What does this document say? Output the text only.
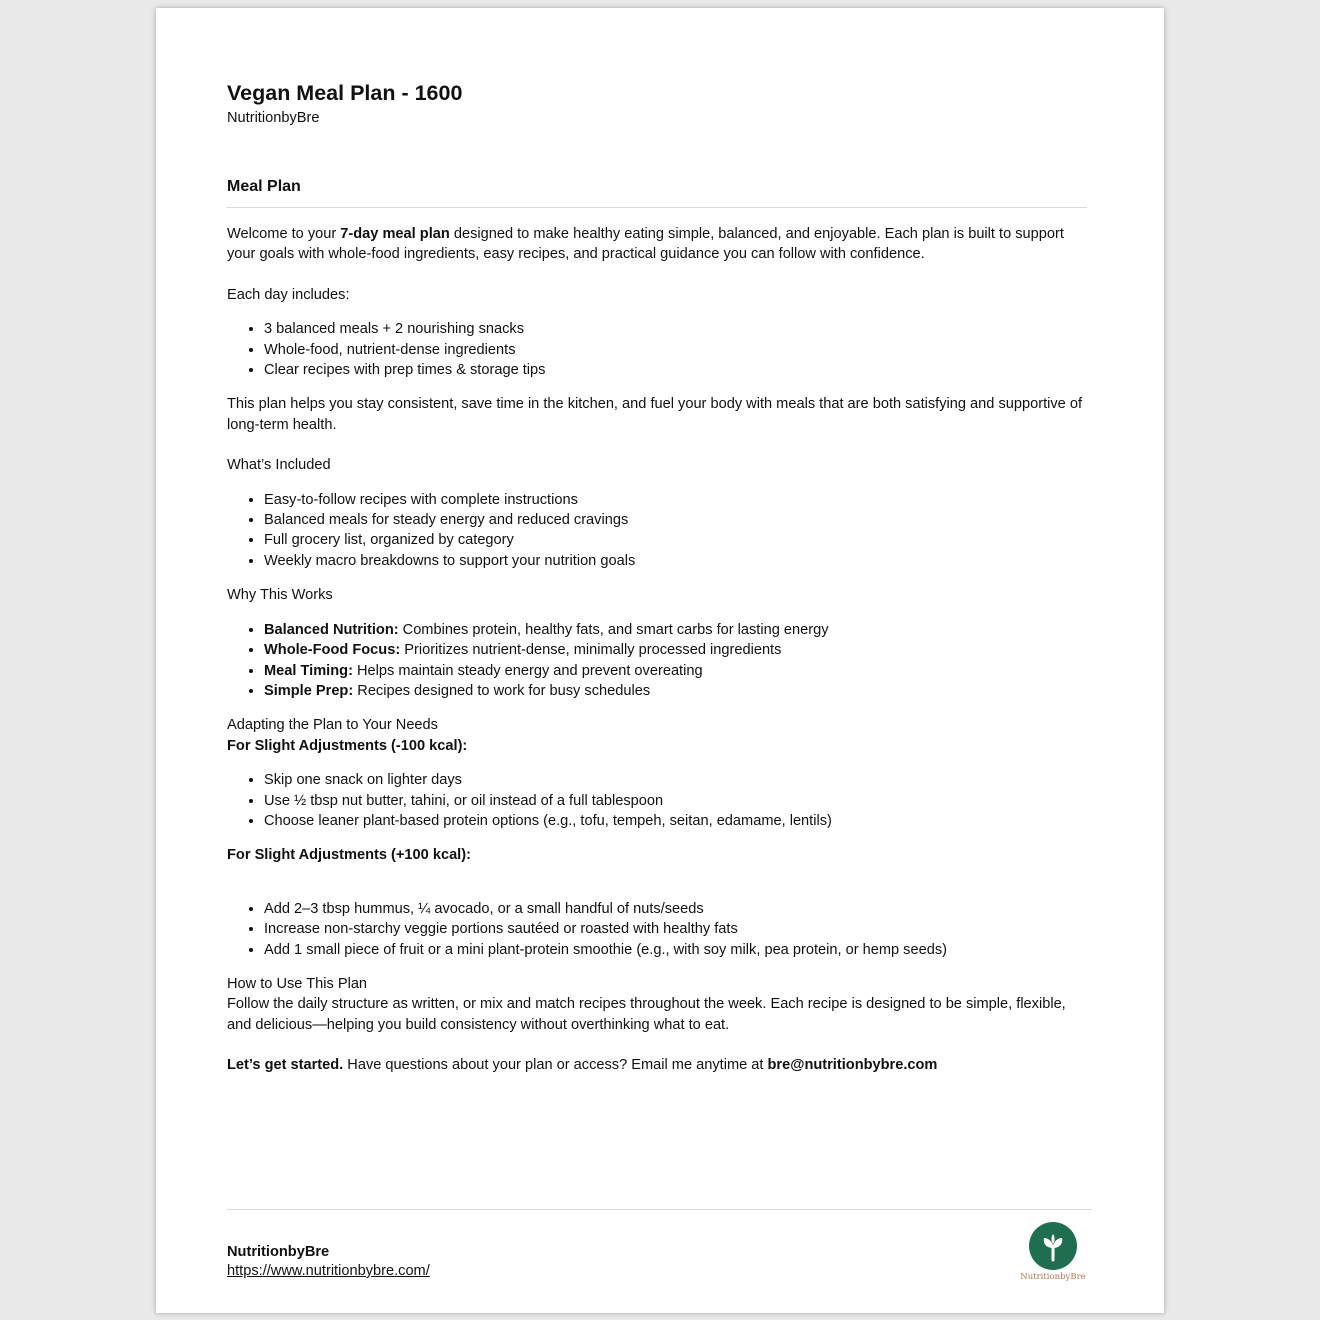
Vegan Meal Plan - 1600

NutritionbyBre

Meal Plan

Welcome to your 7-day meal plan designed to make healthy eating simple, balanced, and enjoyable. Each plan is built to support your goals with whole-food ingredients, easy recipes, and practical guidance you can follow with confidence.

Each day includes:

• 3 balanced meals + 2 nourishing snacks
• Whole-food, nutrient-dense ingredients
• Clear recipes with prep times & storage tips

This plan helps you stay consistent, save time in the kitchen, and fuel your body with meals that are both satisfying and supportive of long-term health.

What’s Included

• Easy-to-follow recipes with complete instructions
• Balanced meals for steady energy and reduced cravings
• Full grocery list, organized by category
• Weekly macro breakdowns to support your nutrition goals

Why This Works

• Balanced Nutrition: Combines protein, healthy fats, and smart carbs for lasting energy
• Whole-Food Focus: Prioritizes nutrient-dense, minimally processed ingredients
• Meal Timing: Helps maintain steady energy and prevent overeating
• Simple Prep: Recipes designed to work for busy schedules

Adapting the Plan to Your Needs

For Slight Adjustments (-100 kcal):

• Skip one snack on lighter days
• Use ½ tbsp nut butter, tahini, or oil instead of a full tablespoon
• Choose leaner plant-based protein options (e.g., tofu, tempeh, seitan, edamame, lentils)

For Slight Adjustments (+100 kcal):

• Add 2–3 tbsp hummus, ¼ avocado, or a small handful of nuts/seeds
• Increase non-starchy veggie portions sautéed or roasted with healthy fats
• Add 1 small piece of fruit or a mini plant-protein smoothie (e.g., with soy milk, pea protein, or hemp seeds)

How to Use This Plan

Follow the daily structure as written, or mix and match recipes throughout the week. Each recipe is designed to be simple, flexible, and delicious—helping you build consistency without overthinking what to eat.

Let’s get started. Have questions about your plan or access? Email me anytime at bre@nutritionbybre.com

NutritionbyBre
https://www.nutritionbybre.com/	NutritionbyBre
